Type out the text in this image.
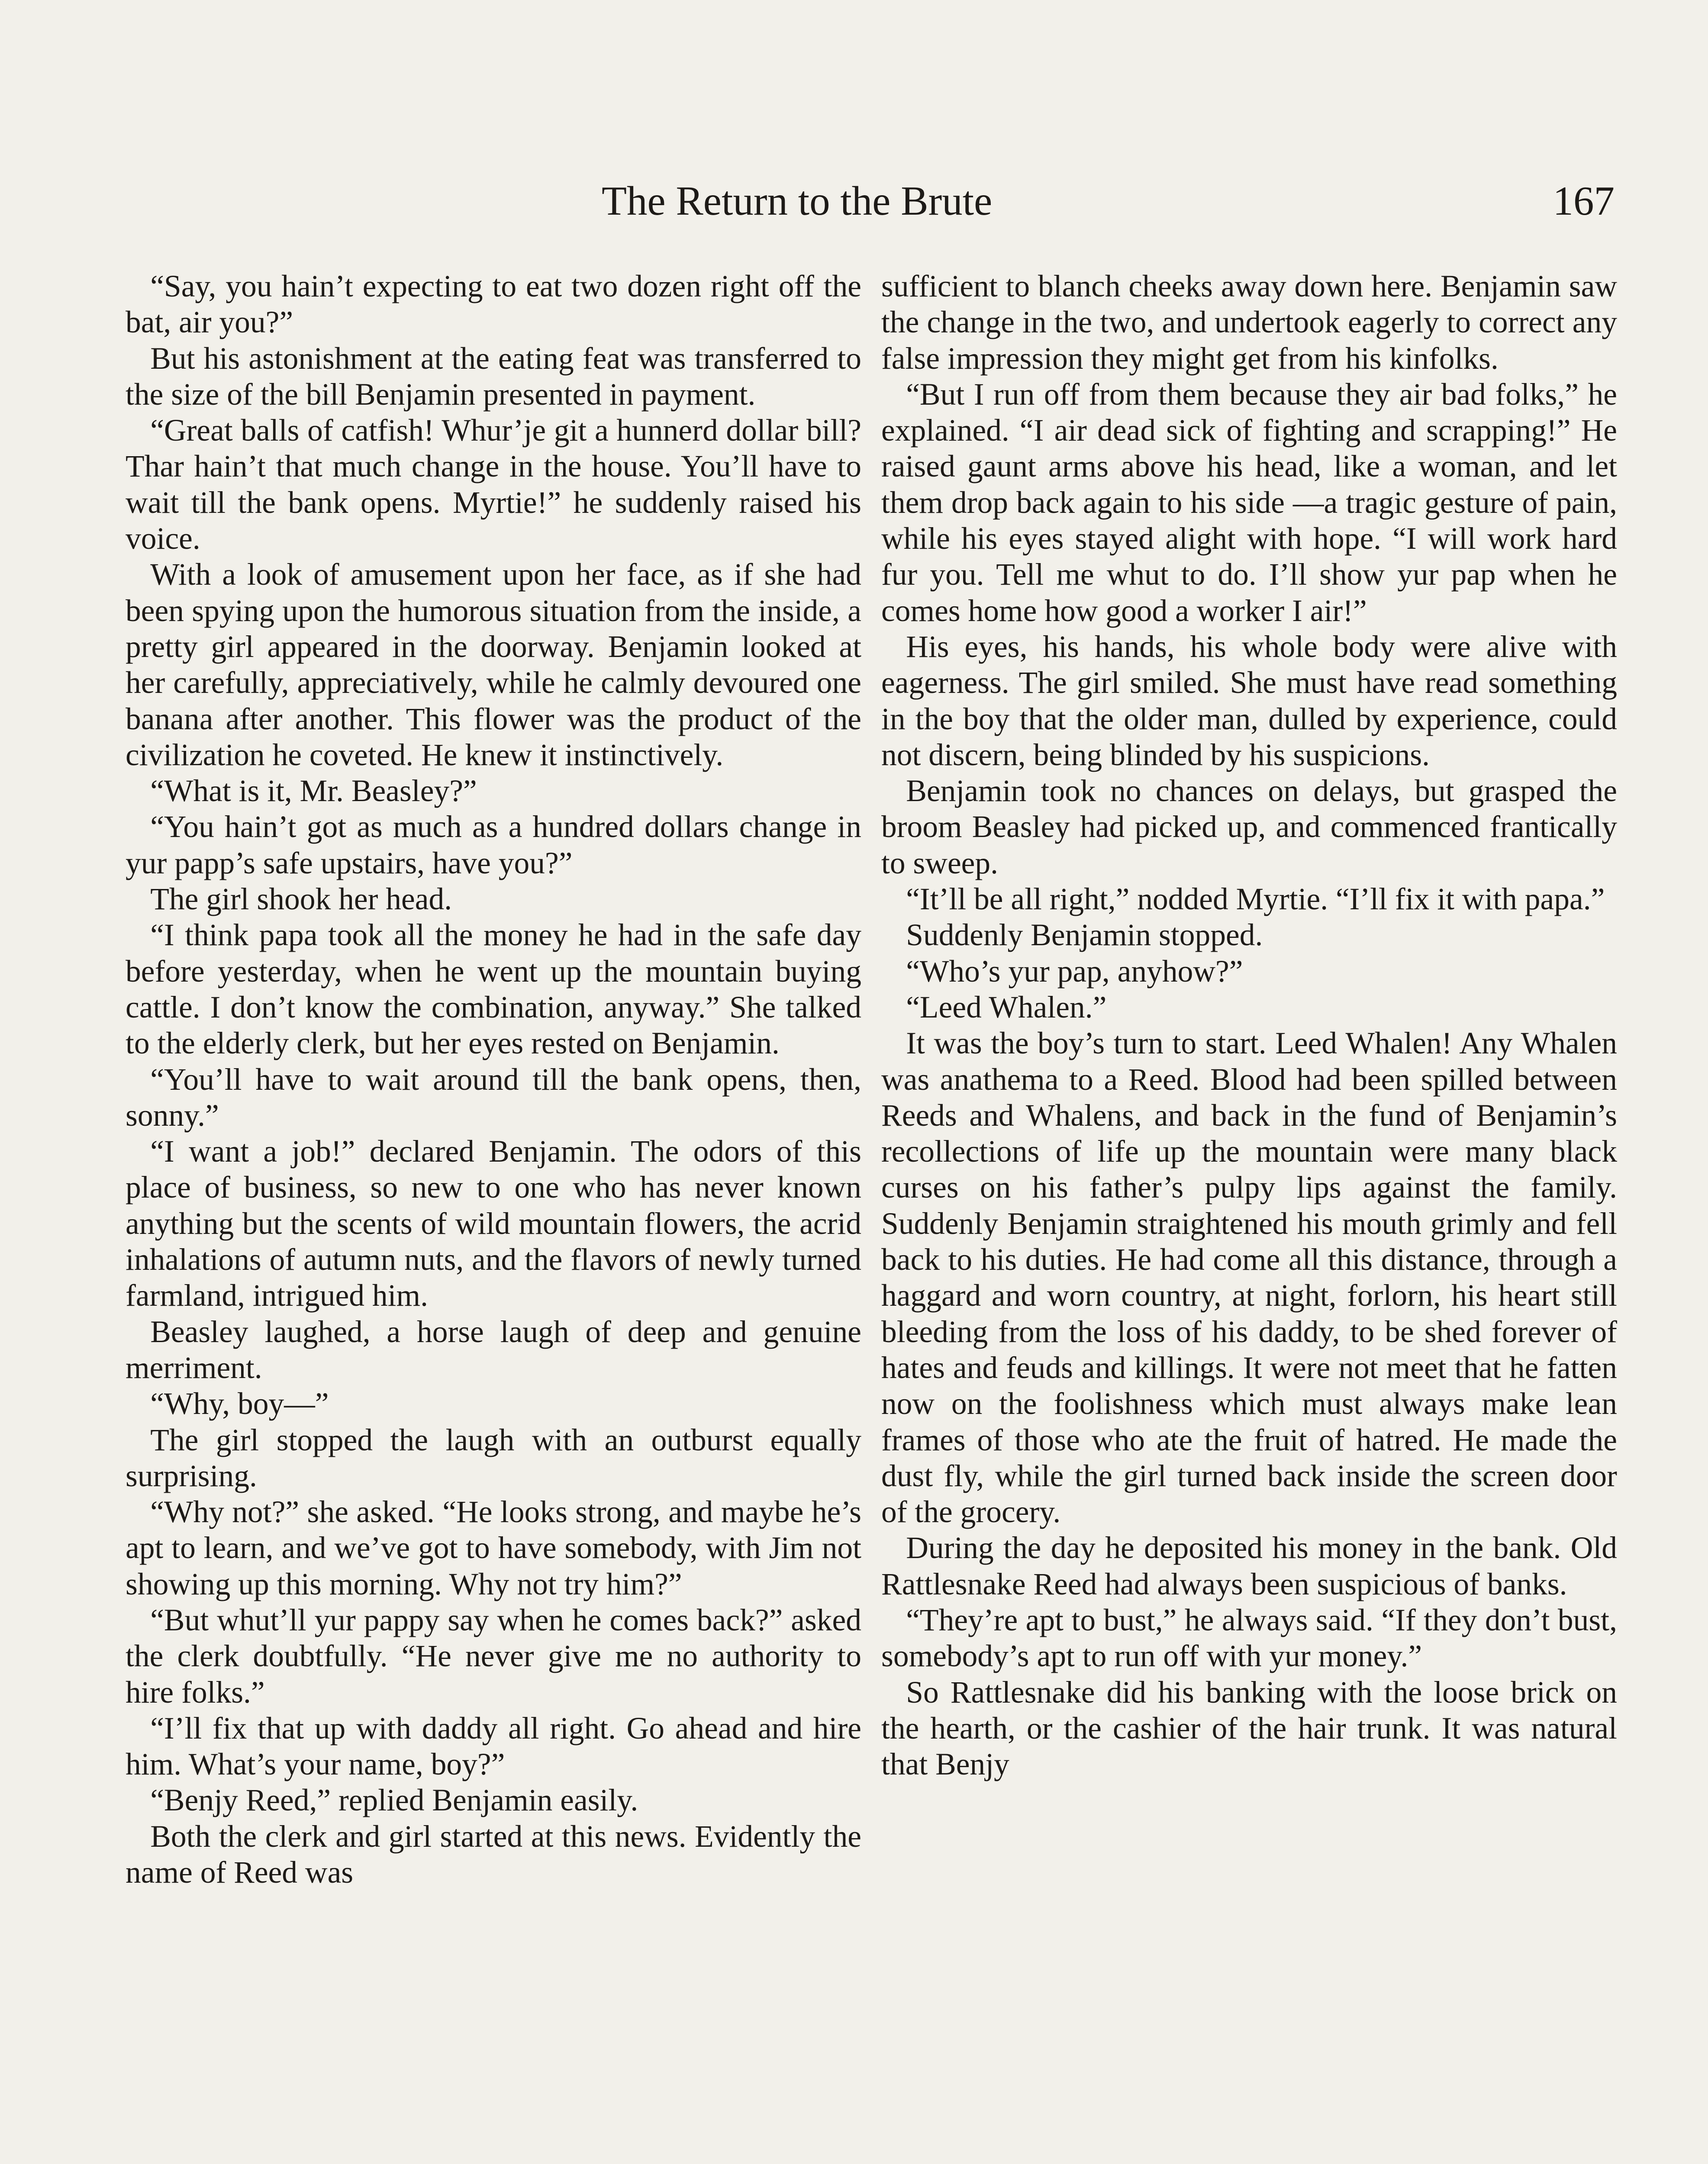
The Return to the Brute	167

“Say, you hain’t expecting to eat two dozen right off the bat, air you?”

But his astonishment at the eating feat was transferred to the size of the bill Benjamin presented in payment.

“Great balls of catfish! Whur’je git a hunnerd dollar bill? Thar hain’t that much change in the house. You’ll have to wait till the bank opens. Myrtie!” he suddenly raised his voice.

With a look of amusement upon her face, as if she had been spying upon the humorous situation from the inside, a pretty girl appeared in the doorway. Benjamin looked at her carefully, appreciatively, while he calmly devoured one banana after another. This flower was the product of the civilization he coveted. He knew it instinctively.

“What is it, Mr. Beasley?”

“You hain’t got as much as a hundred dollars change in yur papp’s safe upstairs, have you?”

The girl shook her head.

“I think papa took all the money he had in the safe day before yesterday, when he went up the mountain buying cattle. I don’t know the combination, anyway.” She talked to the elderly clerk, but her eyes rested on Benjamin.

“You’ll have to wait around till the bank opens, then, sonny.”

“I want a job!” declared Benjamin. The odors of this place of business, so new to one who has never known anything but the scents of wild mountain flowers, the acrid inhalations of autumn nuts, and the flavors of newly turned farmland, intrigued him.

Beasley laughed, a horse laugh of deep and genuine merriment.

“Why, boy—”

The girl stopped the laugh with an outburst equally surprising.

“Why not?” she asked. “He looks strong, and maybe he’s apt to learn, and we’ve got to have somebody, with Jim not showing up this morning. Why not try him?”

“But whut’ll yur pappy say when he comes back?” asked the clerk doubtfully. “He never give me no authority to hire folks.”

“I’ll fix that up with daddy all right. Go ahead and hire him. What’s your name, boy?”

“Benjy Reed,” replied Benjamin easily.

Both the clerk and girl started at this news. Evidently the name of Reed was

sufficient to blanch cheeks away down here. Benjamin saw the change in the two, and undertook eagerly to correct any false impression they might get from his kinfolks.

“But I run off from them because they air bad folks,” he explained. “I air dead sick of fighting and scrapping!” He raised gaunt arms above his head, like a woman, and let them drop back again to his side —a tragic gesture of pain, while his eyes stayed alight with hope. “I will work hard fur you. Tell me whut to do. I’ll show yur pap when he comes home how good a worker I air!”

His eyes, his hands, his whole body were alive with eagerness. The girl smiled. She must have read something in the boy that the older man, dulled by experience, could not discern, being blinded by his suspicions.

Benjamin took no chances on delays, but grasped the broom Beasley had picked up, and commenced frantically to sweep.

“It’ll be all right,” nodded Myrtie. “I’ll fix it with papa.”

Suddenly Benjamin stopped.

“Who’s yur pap, anyhow?”

“Leed Whalen.”

It was the boy’s turn to start. Leed Whalen! Any Whalen was anathema to a Reed. Blood had been spilled between Reeds and Whalens, and back in the fund of Benjamin’s recollections of life up the mountain were many black curses on his father’s pulpy lips against the family. Suddenly Benjamin straightened his mouth grimly and fell back to his duties. He had come all this distance, through a haggard and worn country, at night, forlorn, his heart still bleeding from the loss of his daddy, to be shed forever of hates and feuds and killings. It were not meet that he fatten now on the foolishness which must always make lean frames of those who ate the fruit of hatred. He made the dust fly, while the girl turned back inside the screen door of the grocery.

During the day he deposited his money in the bank. Old Rattlesnake Reed had always been suspicious of banks.

“They’re apt to bust,” he always said. “If they don’t bust, somebody’s apt to run off with yur money.”

So Rattlesnake did his banking with the loose brick on the hearth, or the cashier of the hair trunk. It was natural that Benjy
